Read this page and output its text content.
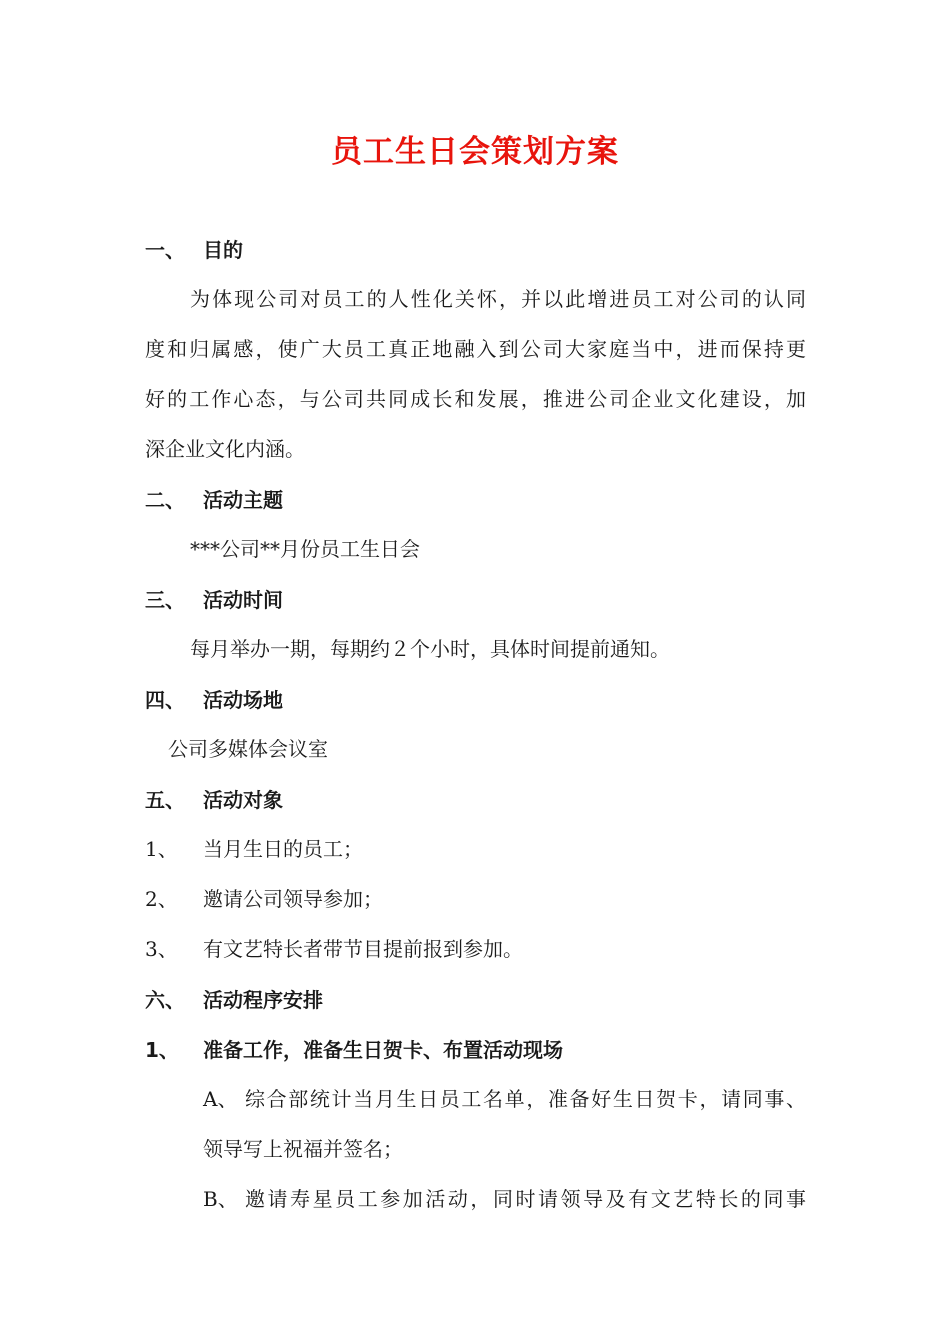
员工生日会策划方案
一、 目的

为体现公司对员工的人性化关怀，并以此增进员工对公司的认同

度和归属感，使广大员工真正地融入到公司大家庭当中，进而保持更

好的工作心态，与公司共同成长和发展，推进公司企业文化建设，加

深企业文化内涵。

二、 活动主题

***公司**月份员工生日会

三、 活动时间

每月举办一期，每期约２个小时，具体时间提前通知。

四、 活动场地

公司多媒体会议室

五、 活动对象
1、 当月生日的员工；
2、 邀请公司领导参加；
3、 有文艺特长者带节目提前报到参加。
六、 活动程序安排
1、 准备工作，准备生日贺卡、布置活动现场
A、 综合部统计当月生日员工名单，准备好生日贺卡，请同事、

领导写上祝福并签名；

B、 邀请寿星员工参加活动，同时请领导及有文艺特长的同事
